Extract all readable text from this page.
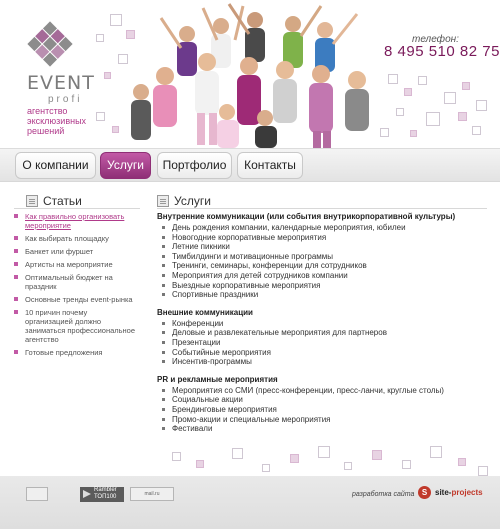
EVENT
profi
агентство эксклюзивных решений
телефон:
8 495 510 82 75
О компании	Услуги	Портфолио	Контакты
Статьи
Как правильно организовать мероприятие
Как выбирать площадку
Банкет или фуршет
Артисты на мероприятие
Оптимальный бюджет на праздник
Основные тренды event-рынка
10 причин почему организацией должно заниматься профессиональное агентство
Готовые предложения
Услуги
Внутренние коммуникации (или события внутрикорпоративной культуры)
День рождения компании, календарные мероприятия, юбилеи
Новогодние корпоративные мероприятия
Летние пикники
Тимбилдинги и мотивационные программы
Тренинги, семинары, конференции для сотрудников
Мероприятия для детей сотрудников компании
Выездные корпоративные мероприятия
Спортивные праздники
Внешние коммуникации
Конференции
Деловые и развлекательные мероприятия для партнеров
Презентации
Событийные мероприятия
Инсентив-программы
PR и рекламные мероприятия
Мероприятия со СМИ (пресс-конференции, пресс-ланчи, круглые столы)
Социальные акции
Брендинговые мероприятия
Промо-акции и специальные мероприятия
Фестивали
Rambler ТОП100	mail.ru	разработка сайта S site-projects
